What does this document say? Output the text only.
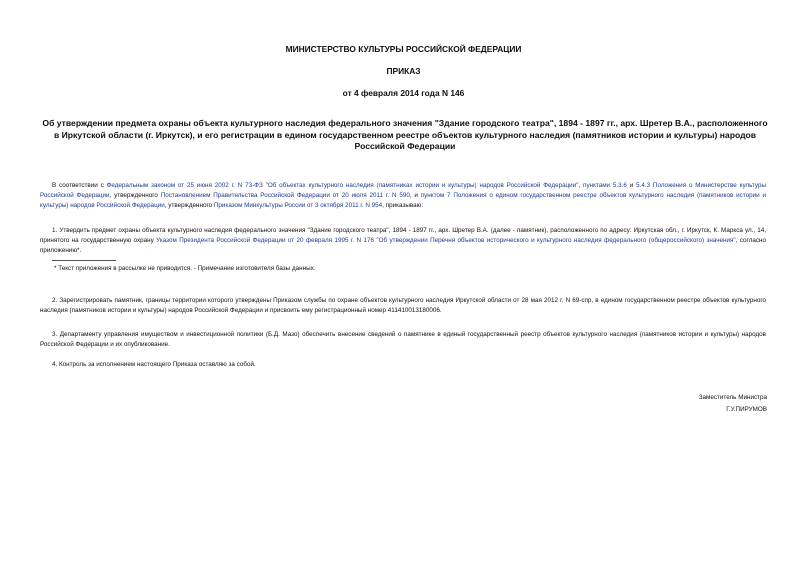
МИНИСТЕРСТВО КУЛЬТУРЫ РОССИЙСКОЙ ФЕДЕРАЦИИ
ПРИКАЗ
от 4 февраля 2014 года N 146
Об утверждении предмета охраны объекта культурного наследия федерального значения "Здание городского театра", 1894 - 1897 гг., арх. Шретер В.А., расположенного в Иркутской области (г. Иркутск), и его регистрации в едином государственном реестре объектов культурного наследия (памятников истории и культуры) народов Российской Федерации
В соответствии с Федеральным законом от 25 июня 2002 г. N 73-ФЗ "Об объектах культурного наследия (памятниках истории и культуры) народов Российской Федерации", пунктами 5.3.6 и 5.4.3 Положения о Министерстве культуры Российской Федерации, утвержденного Постановлением Правительства Российской Федерации от 20 июля 2011 г. N 590, и пунктом 7 Положения о едином государственном реестре объектов культурного наследия (памятников истории и культуры) народов Российской Федерации, утвержденного Приказом Минкультуры России от 3 октября 2011 г. N 954, приказываю:
1. Утвердить предмет охраны объекта культурного наследия федерального значения "Здание городского театра", 1894 - 1897 гг., арх. Шретер В.А. (далее - памятник), расположенного по адресу: Иркутская обл., г. Иркутск, К. Маркса ул., 14, принятого на государственную охрану Указом Президента Российской Федерации от 20 февраля 1995 г. N 176 "Об утверждении Перечня объектов исторического и культурного наследия федерального (общероссийского) значения", согласно приложению*.
* Текст приложения в рассылке не приводится. - Примечание изготовителя базы данных.
2. Зарегистрировать памятник, границы территории которого утверждены Приказом службы по охране объектов культурного наследия Иркутской области от 28 мая 2012 г. N 69-спр, в едином государственном реестре объектов культурного наследия (памятников истории и культуры) народов Российской Федерации и присвоить ему регистрационный номер 411410013180006.
3. Департаменту управления имуществом и инвестиционной политики (Б.Д. Мазо) обеспечить внесение сведений о памятнике в единый государственный реестр объектов культурного наследия (памятников истории и культуры) народов Российской Федерации и их опубликование.
4. Контроль за исполнением настоящего Приказа оставляю за собой.
Заместитель Министра
Г.У.ПИРУМОВ
